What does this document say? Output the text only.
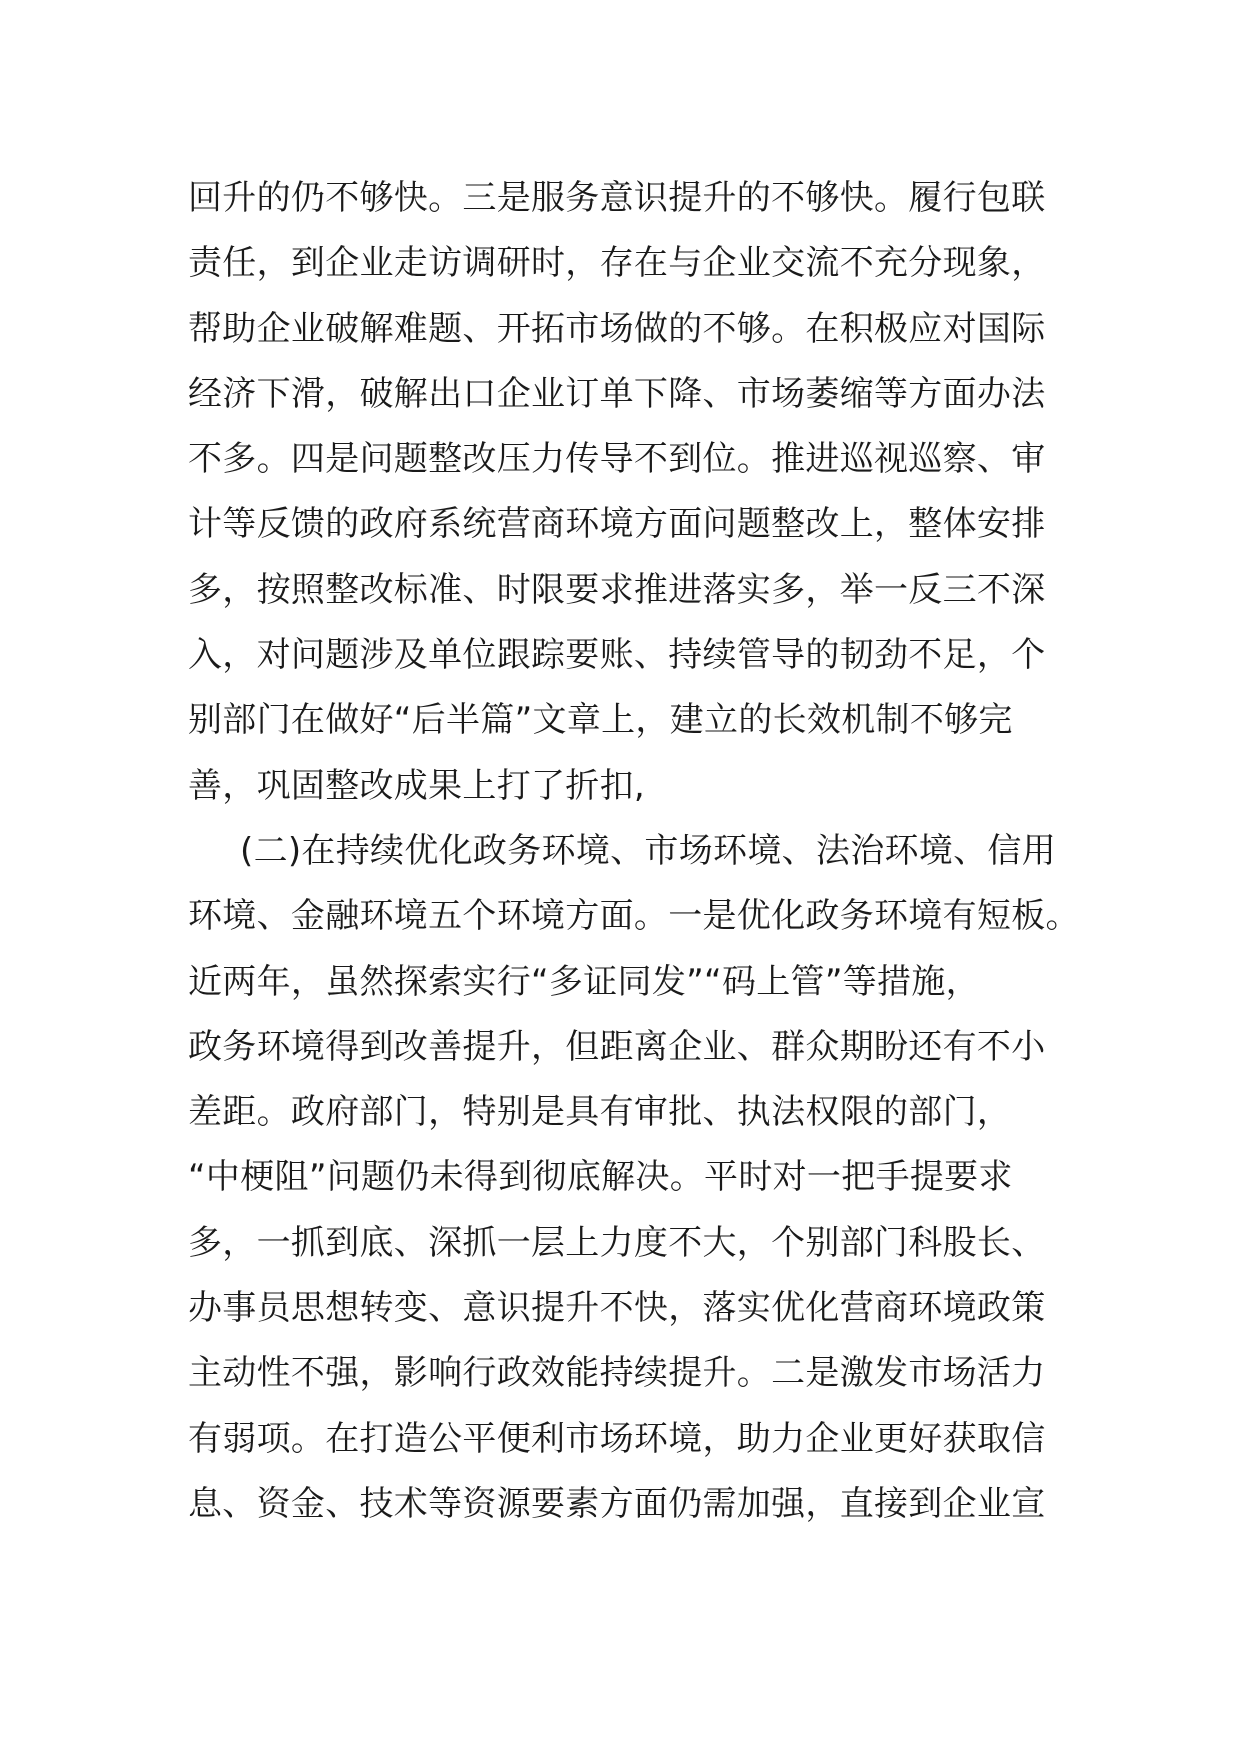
回升的仍不够快。三是服务意识提升的不够快。履行包联
责任，到企业走访调研时，存在与企业交流不充分现象，
帮助企业破解难题、开拓市场做的不够。在积极应对国际
经济下滑，破解出口企业订单下降、市场萎缩等方面办法
不多。四是问题整改压力传导不到位。推进巡视巡察、审
计等反馈的政府系统营商环境方面问题整改上，整体安排
多，按照整改标准、时限要求推进落实多，举一反三不深
入，对问题涉及单位跟踪要账、持续管导的韧劲不足，个
别部门在做好“后半篇”文章上，建立的长效机制不够完
善，巩固整改成果上打了折扣,
(二)在持续优化政务环境、市场环境、法治环境、信用
环境、金融环境五个环境方面。一是优化政务环境有短板。
近两年，虽然探索实行“多证同发”“码上管”等措施，
政务环境得到改善提升，但距离企业、群众期盼还有不小
差距。政府部门，特别是具有审批、执法权限的部门，
“中梗阻”问题仍未得到彻底解决。平时对一把手提要求
多，一抓到底、深抓一层上力度不大，个别部门科股长、
办事员思想转变、意识提升不快，落实优化营商环境政策
主动性不强，影响行政效能持续提升。二是激发市场活力
有弱项。在打造公平便利市场环境，助力企业更好获取信
息、资金、技术等资源要素方面仍需加强，直接到企业宣
